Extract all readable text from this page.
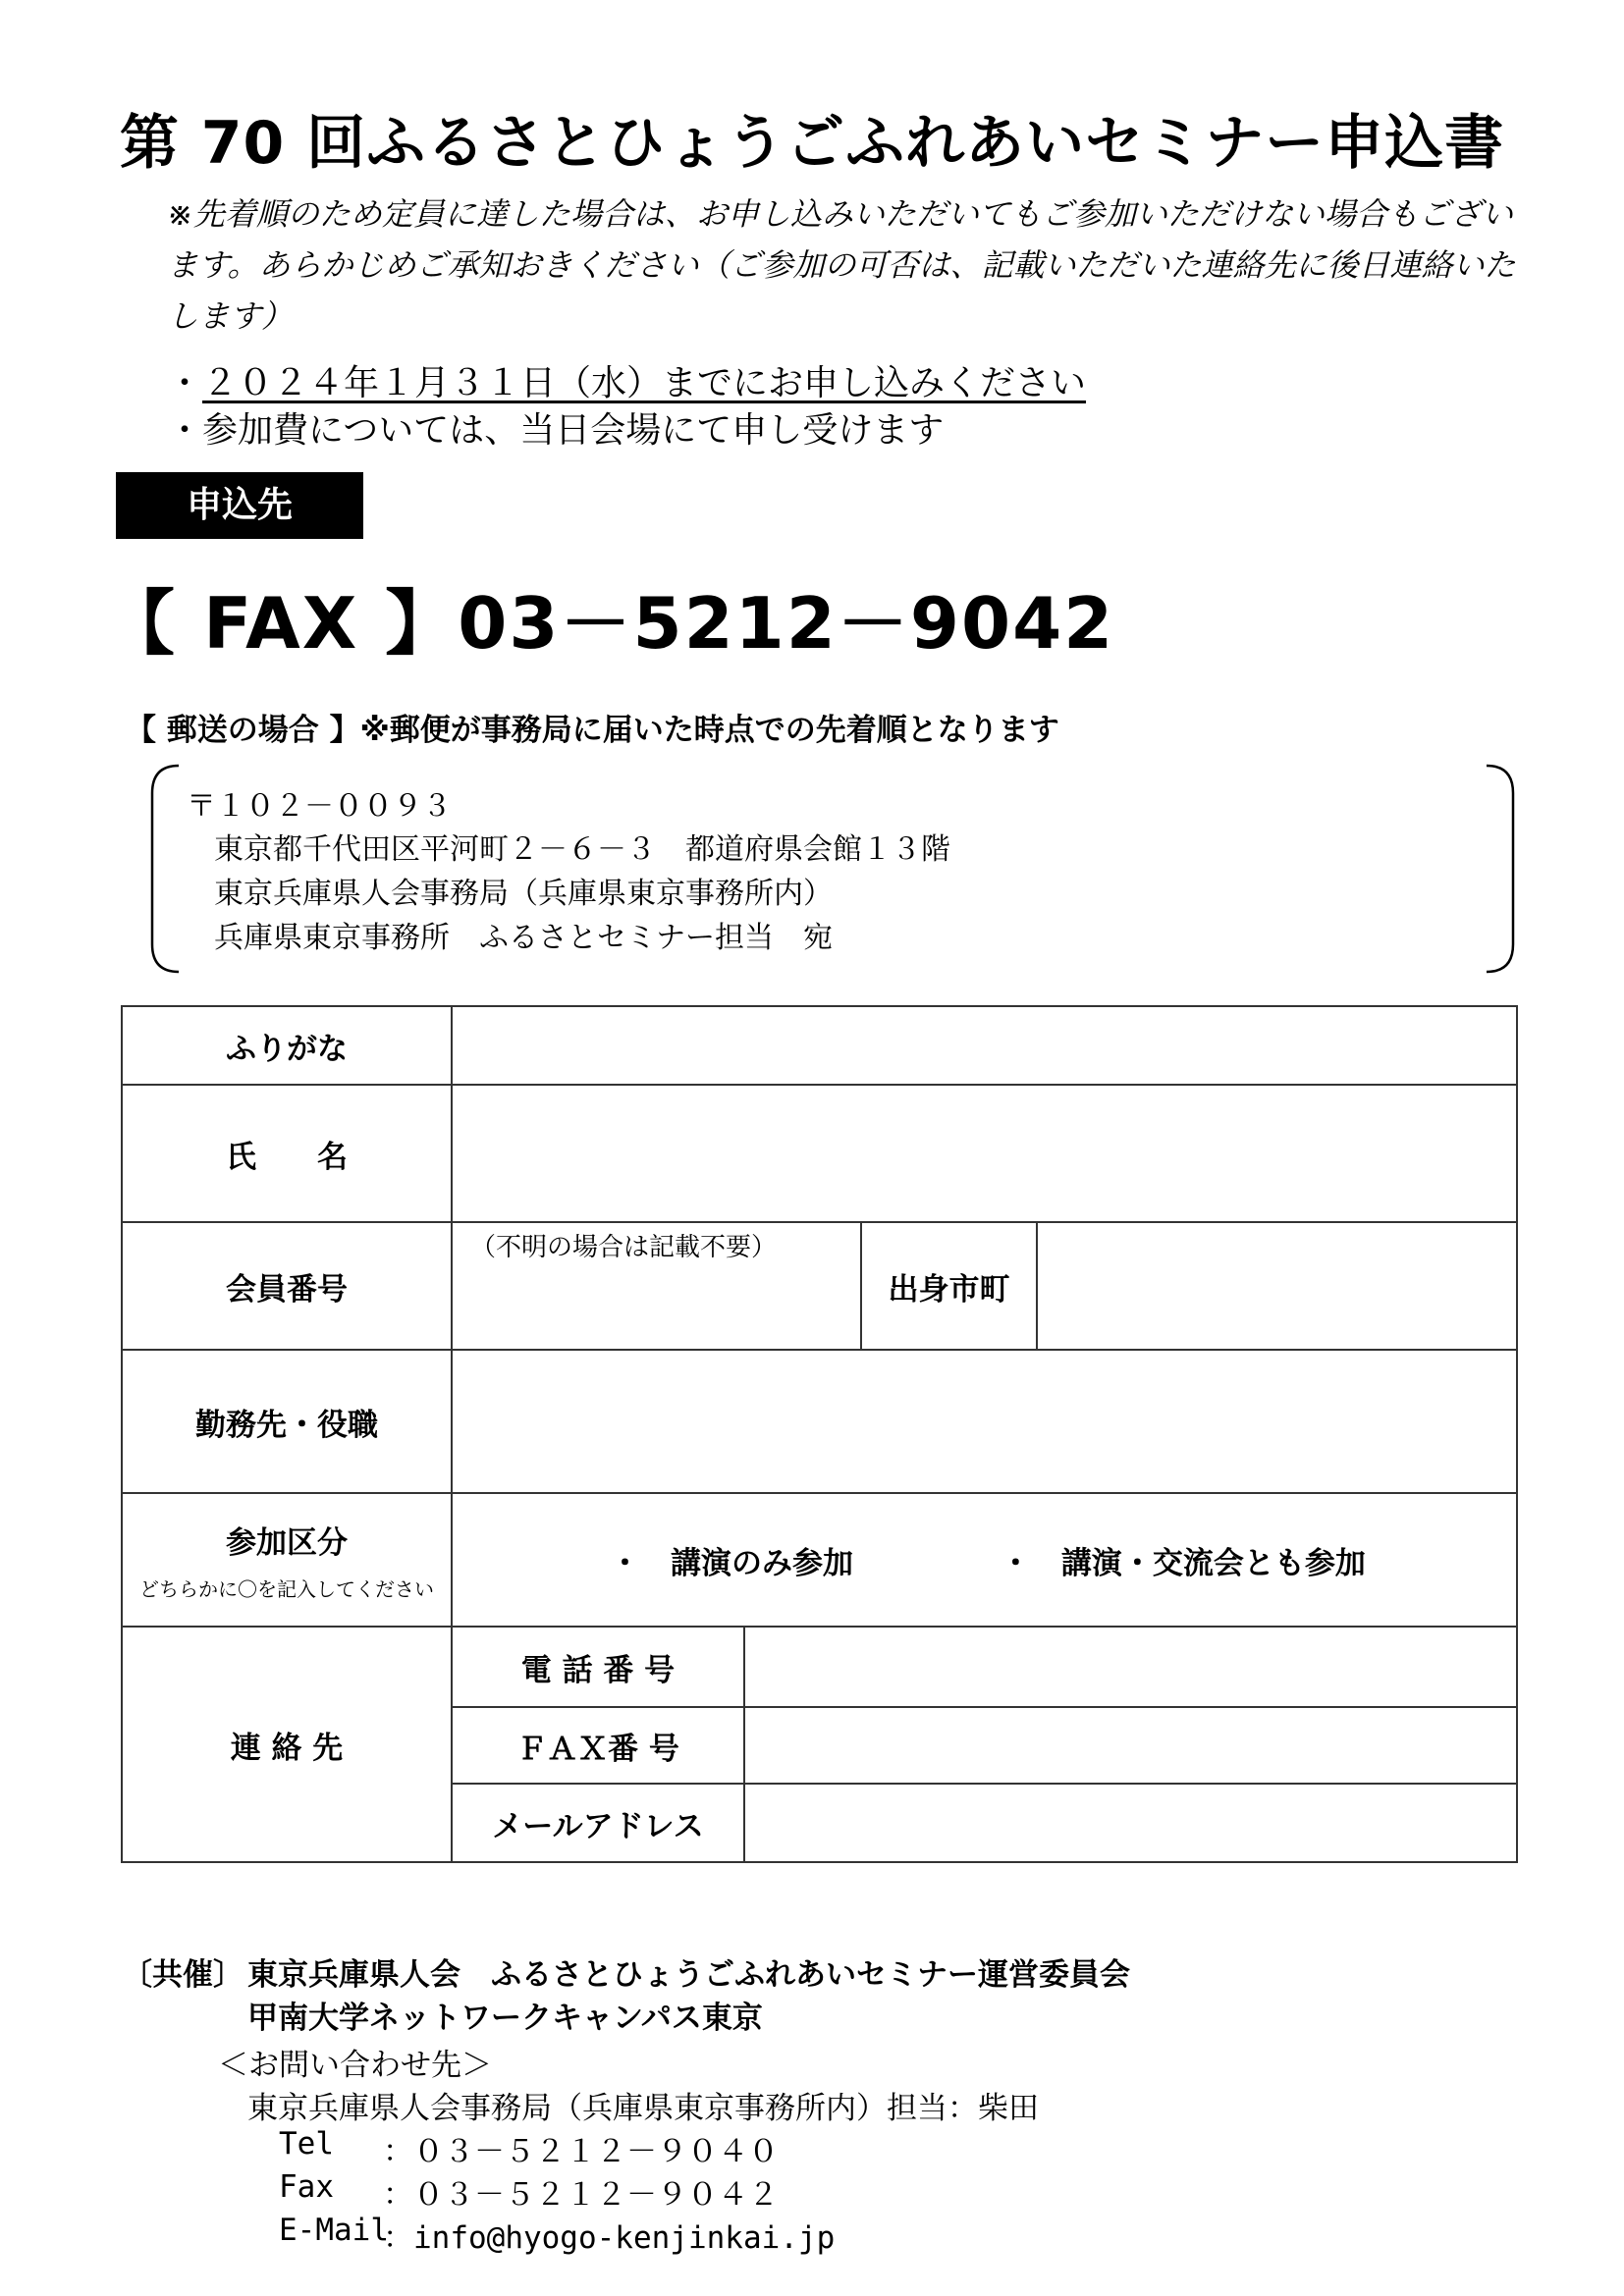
第 70 回ふるさとひょうごふれあいセミナー申込書
※先着順のため定員に達した場合は、お申し込みいただいてもご参加いただけない場合もございます。あらかじめご承知おきください（ご参加の可否は、記載いただいた連絡先に後日連絡いたします）
・２０２４年１月３１日（水）までにお申し込みください
・参加費については、当日会場にて申し受けます
申込先
【 FAX 】03－5212－9042
【 郵送の場合 】※郵便が事務局に届いた時点での先着順となります
〒１０２－００９３
東京都千代田区平河町２－６－３　都道府県会館１３階
東京兵庫県人会事務局（兵庫県東京事務所内）
兵庫県東京事務所　ふるさとセミナー担当　宛
ふりがな				
氏　　名				
会員番号	（不明の場合は記載不要）		出身市町	
勤務先・役職				
参加区分
どちらかに〇を記入してください	・　講演のみ参加 ・　講演・交流会とも参加			
連 絡 先	電 話 番 号			
	ＦＡＸ番 号			
	メールアドレス			
〔共催〕 東京兵庫県人会　ふるさとひょうごふれあいセミナー運営委員会
甲南大学ネットワークキャンパス東京
＜お問い合わせ先＞
東京兵庫県人会事務局（兵庫県東京事務所内）担当：柴田
Tel ：０３－５２１２－９０４０
Fax ：０３－５２１２－９０４２
E-Mail
：info@hyogo-kenjinkai.jp
